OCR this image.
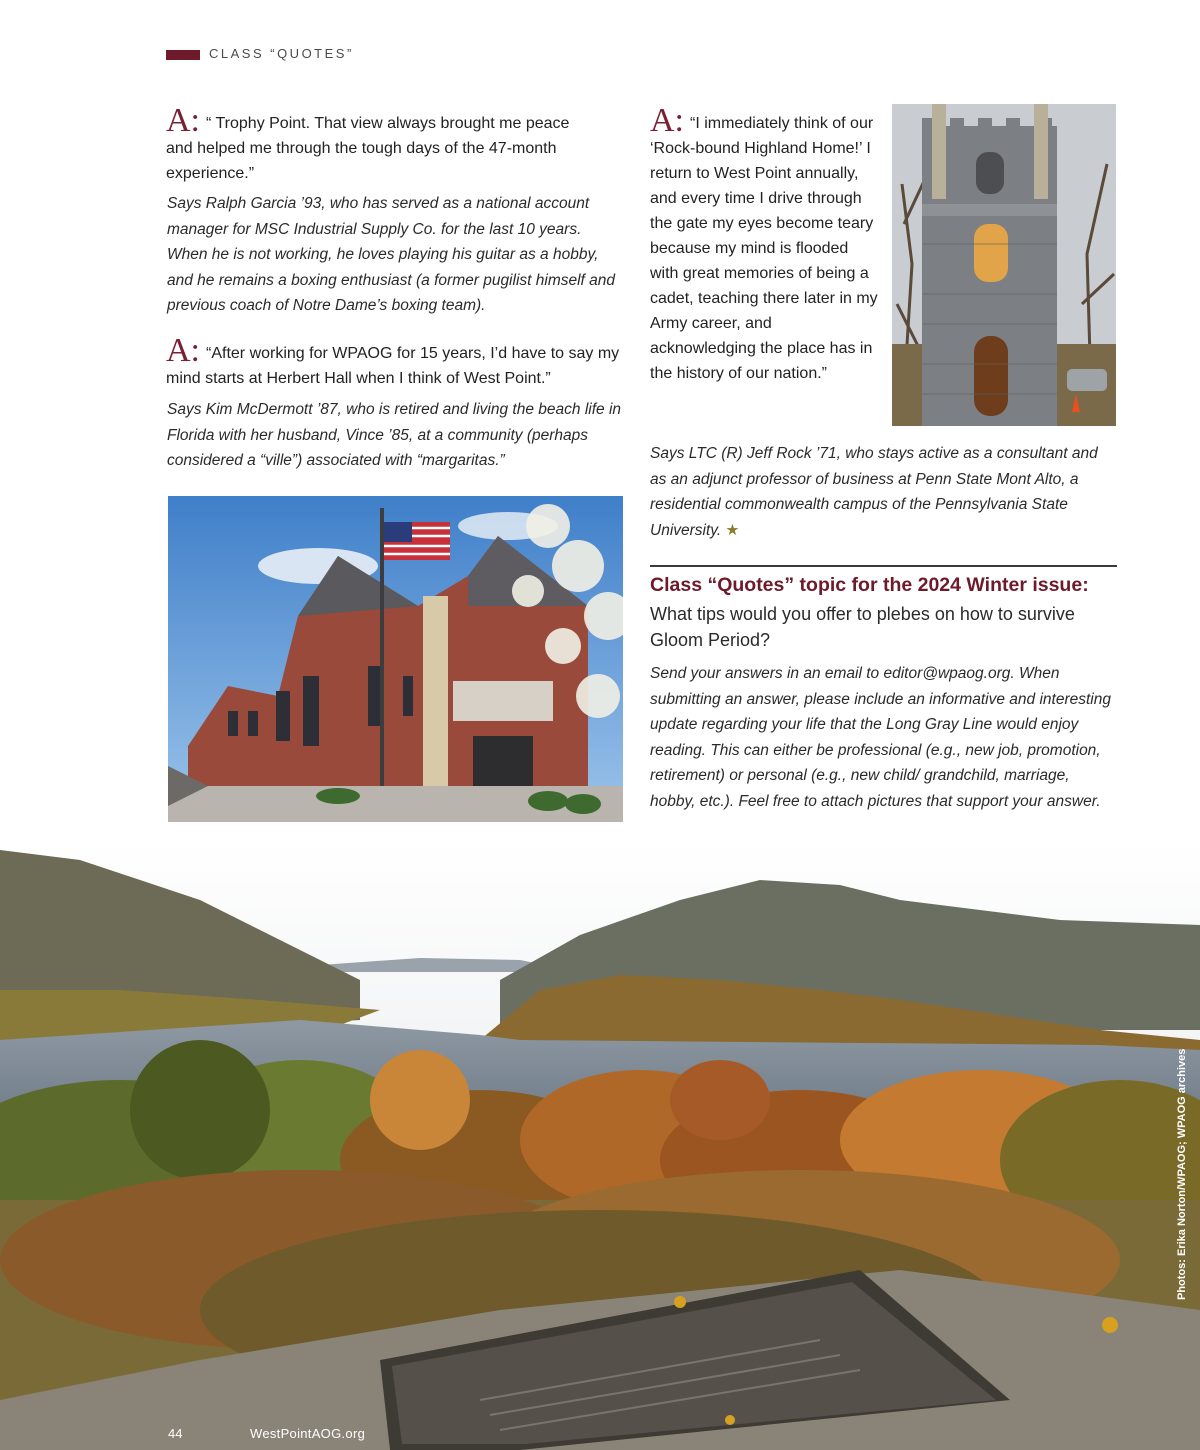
CLASS “QUOTES”
A: “ Trophy Point. That view always brought me peace and helped me through the tough days of the 47-month experience.”
Says Ralph Garcia ’93, who has served as a national account manager for MSC Industrial Supply Co. for the last 10 years. When he is not working, he loves playing his guitar as a hobby, and he remains a boxing enthusiast (a former pugilist himself and previous coach of Notre Dame’s boxing team).
A: “After working for WPAOG for 15 years, I’d have to say my mind starts at Herbert Hall when I think of West Point.”
Says Kim McDermott ’87, who is retired and living the beach life in Florida with her husband, Vince ’85, at a community (perhaps considered a “ville”) associated with “margaritas.”
A: “I immediately think of our ‘Rock-bound Highland Home!’ I return to West Point annually, and every time I drive through the gate my eyes become teary because my mind is flooded with great memories of being a cadet, teaching there later in my Army career, and acknowledging the place has in the history of our nation.”
Says LTC (R) Jeff Rock ’71, who stays active as a consultant and as an adjunct professor of business at Penn State Mont Alto, a residential commonwealth campus of the Pennsylvania State University. ★
Class “Quotes” topic for the 2024 Winter issue:
What tips would you offer to plebes on how to survive Gloom Period?
Send your answers in an email to editor@wpaog.org. When submitting an answer, please include an informative and interesting update regarding your life that the Long Gray Line would enjoy reading. This can either be professional (e.g., new job, promotion, retirement) or personal (e.g., new child/ grandchild, marriage, hobby, etc.). Feel free to attach pictures that support your answer.
44	WestPointAOG.org
Photos: Erika Norton/WPAOG; WPAOG archives
